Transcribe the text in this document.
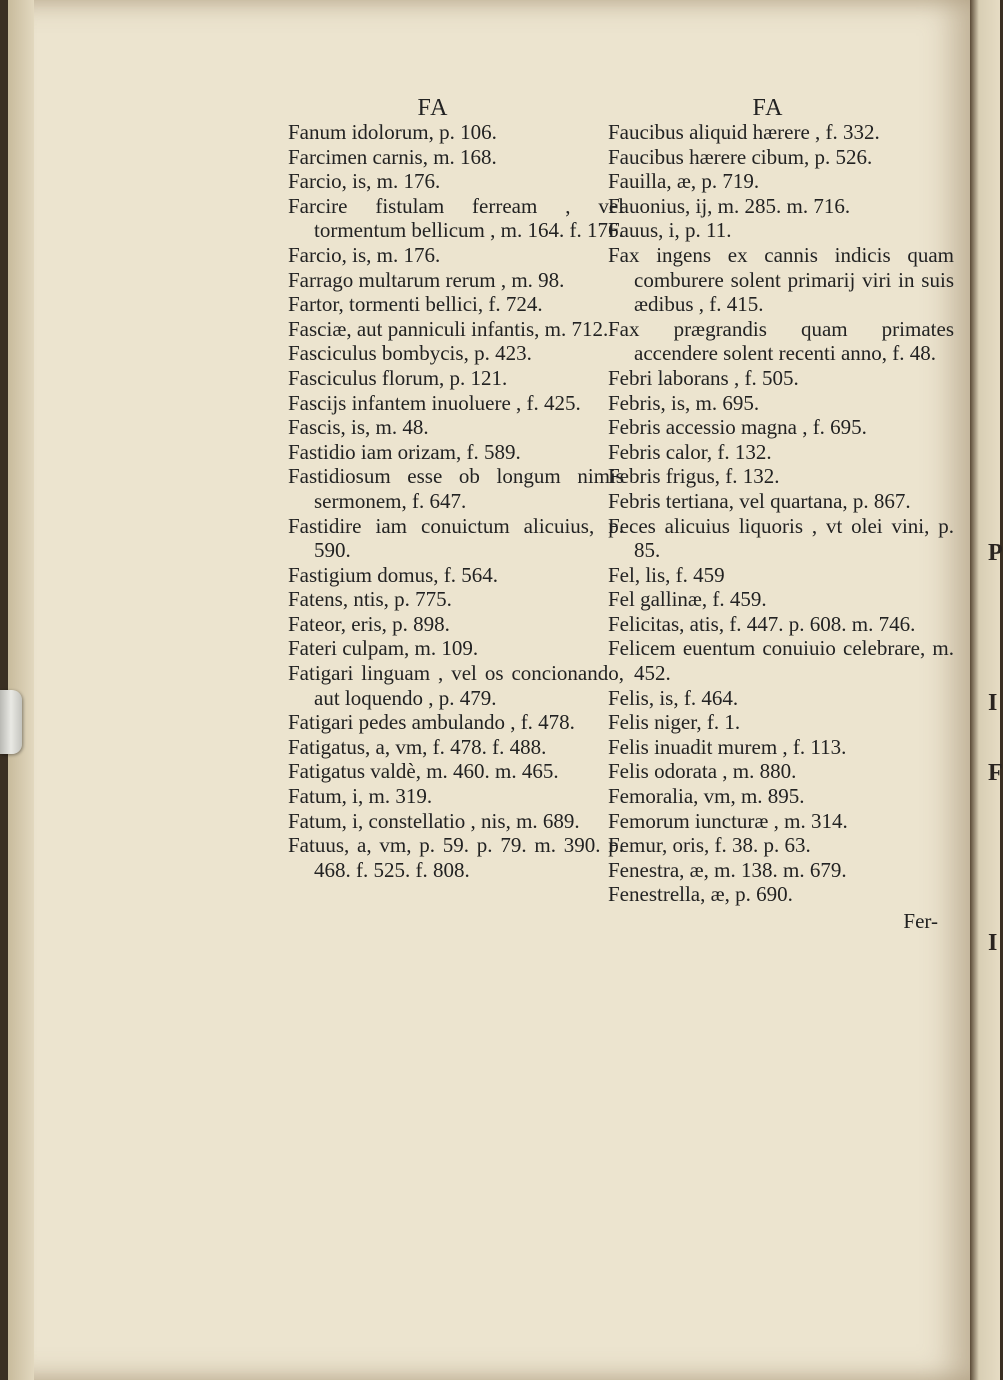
FA

Fanum idolorum, p. 106.

Farcimen carnis, m. 168.

Farcio, is, m. 176.

Farcire fistulam ferream , vel tormentum bellicum , m. 164. f. 176.

Farcio, is, m. 176.

Farrago multarum rerum , m. 98.

Fartor, tormenti bellici, f. 724.

Fasciæ, aut panniculi infantis, m. 712.

Fasciculus bombycis, p. 423.

Fasciculus florum, p. 121.

Fascijs infantem inuoluere , f. 425.

Fascis, is, m. 48.

Fastidio iam orizam, f. 589.

Fastidiosum esse ob longum nimis sermonem, f. 647.

Fastidire iam conuictum alicuius, p. 590.

Fastigium domus, f. 564.

Fatens, ntis, p. 775.

Fateor, eris, p. 898.

Fateri culpam, m. 109.

Fatigari linguam , vel os concionando, aut loquendo , p. 479.

Fatigari pedes ambulando , f. 478.

Fatigatus, a, vm, f. 478. f. 488.

Fatigatus valdè, m. 460. m. 465.

Fatum, i, m. 319.

Fatum, i, constellatio , nis, m. 689.

Fatuus, a, vm, p. 59. p. 79. m. 390. p. 468. f. 525. f. 808.

FA

Faucibus aliquid hærere , f. 332.

Faucibus hærere cibum, p. 526.

Fauilla, æ, p. 719.

Fauonius, ij, m. 285. m. 716.

Fauus, i, p. 11.

Fax ingens ex cannis indicis quam comburere solent primarij viri in suis ædibus , f. 415.

Fax prægrandis quam primates accendere solent recenti anno, f. 48.

Febri laborans , f. 505.

Febris, is, m. 695.

Febris accessio magna , f. 695.

Febris calor, f. 132.

Febris frigus, f. 132.

Febris tertiana, vel quartana, p. 867.

Feces alicuius liquoris , vt olei vini, p. 85.

Fel, lis, f. 459

Fel gallinæ, f. 459.

Felicitas, atis, f. 447. p. 608. m. 746.

Felicem euentum conuiuio celebrare, m. 452.

Felis, is, f. 464.

Felis niger, f. 1.

Felis inuadit murem , f. 113.

Felis odorata , m. 880.

Femoralia, vm, m. 895.

Femorum iuncturæ , m. 314.

Femur, oris, f. 38. p. 63.

Fenestra, æ, m. 138. m. 679.

Fenestrella, æ, p. 690.

Fer-
P
I
F
I
